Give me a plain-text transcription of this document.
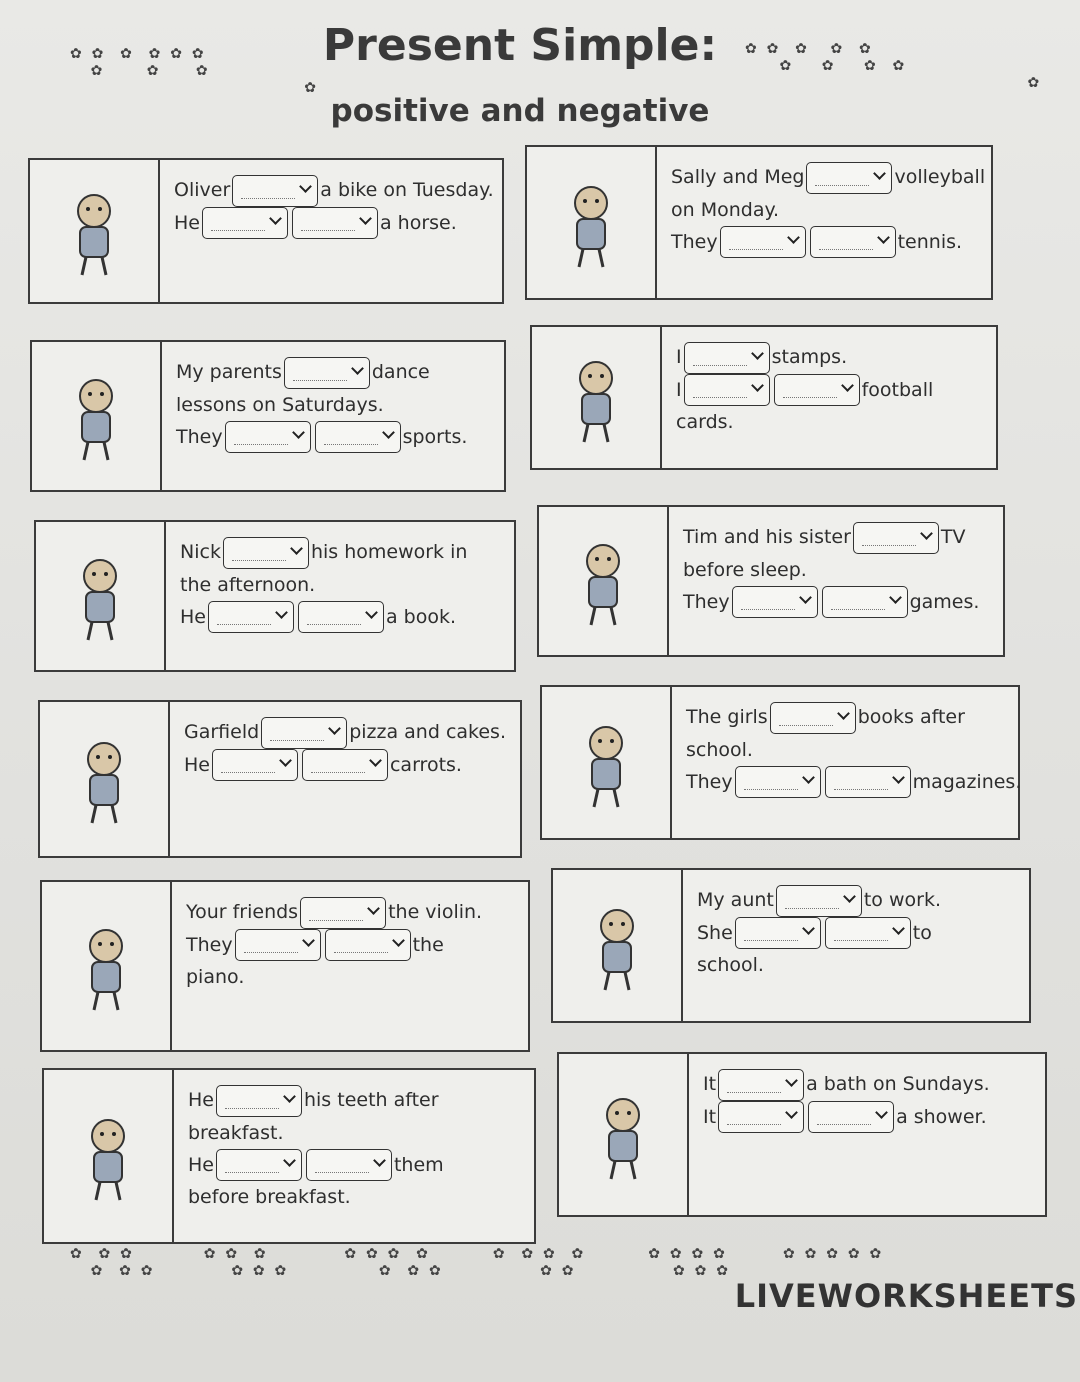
✿ ✿  ✿  ✿ ✿ ✿
✿      ✿     ✿
✿
✿ ✿  ✿   ✿  ✿
✿    ✿    ✿  ✿
✿
Present Simple:
positive and negative
Oliver	a bike on Tuesday.
He	a horse.
Sally and Meg	volleyball
on Monday.
They	tennis.
My parents	dance
lessons on Saturdays.
They	sports.
I	stamps.
I	football
cards.
Nick	his homework in
the afternoon.
He	a book.
Tim and his sister	TV
before sleep.
They	games.
Garfield	pizza and cakes.
He	carrots.
The girls	books after
school.
They	magazines.
Your friends	the violin.
They	the
piano.
My aunt	to work.
She	to
school.
He	his teeth after
breakfast.
He	them
before breakfast.
It	a bath on Sundays.
It	a shower.
✿  ✿ ✿          ✿ ✿  ✿           ✿ ✿ ✿  ✿         ✿  ✿ ✿  ✿         ✿ ✿ ✿ ✿        ✿ ✿ ✿ ✿ ✿
✿  ✿ ✿           ✿ ✿ ✿             ✿  ✿ ✿              ✿ ✿              ✿ ✿ ✿
LIVEWORKSHEETS
